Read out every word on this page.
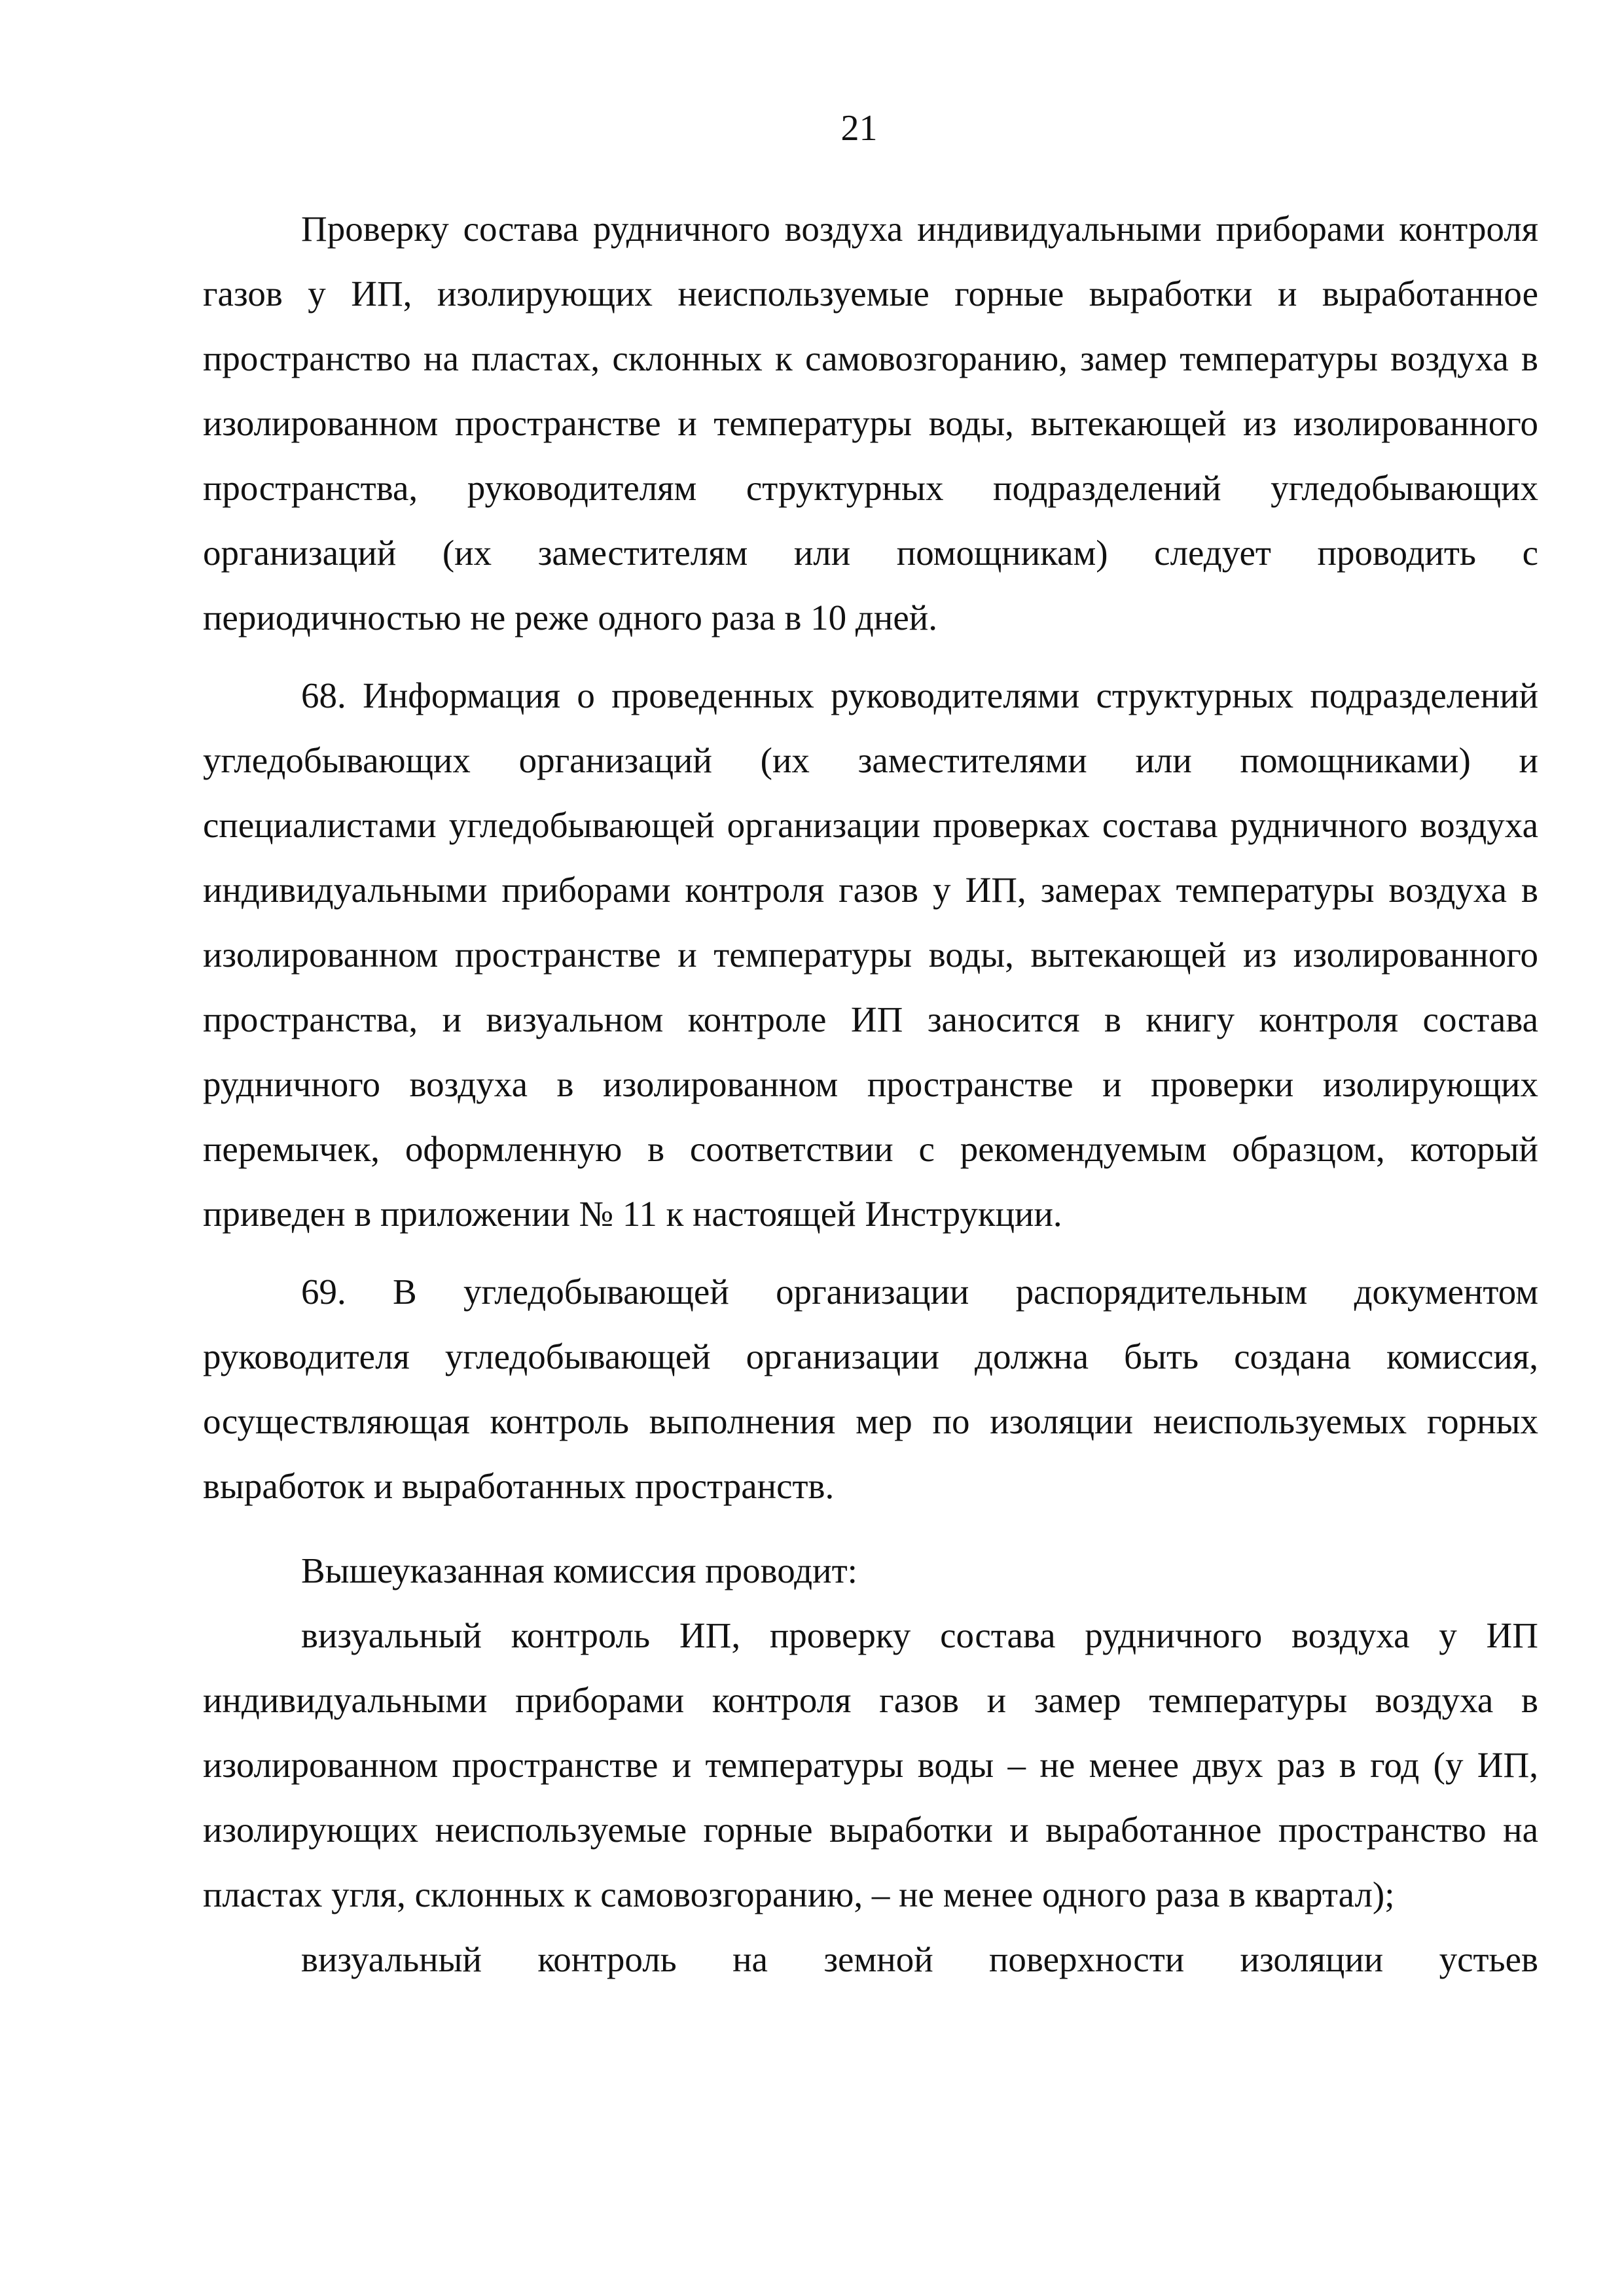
21

Проверку состава рудничного воздуха индивидуальными приборами контроля газов у ИП, изолирующих неиспользуемые горные выработки и выработанное пространство на пластах, склонных к самовозгоранию, замер температуры воздуха в изолированном пространстве и температуры воды, вытекающей из изолированного пространства, руководителям структурных подразделений угледобывающих организаций (их заместителям или помощникам) следует проводить с периодичностью не реже одного раза в 10 дней.

68. Информация о проведенных руководителями структурных подразделений угледобывающих организаций (их заместителями или помощниками) и специалистами угледобывающей организации проверках состава рудничного воздуха индивидуальными приборами контроля газов у ИП, замерах температуры воздуха в изолированном пространстве и температуры воды, вытекающей из изолированного пространства, и визуальном контроле ИП заносится в книгу контроля состава рудничного воздуха в изолированном пространстве и проверки изолирующих перемычек, оформленную в соответствии с рекомендуемым образцом, который приведен в приложении № 11 к настоящей Инструкции.

69. В угледобывающей организации распорядительным документом руководителя угледобывающей организации должна быть создана комиссия, осуществляющая контроль выполнения мер по изоляции неиспользуемых горных выработок и выработанных пространств.

Вышеуказанная комиссия проводит:

визуальный контроль ИП, проверку состава рудничного воздуха у ИП индивидуальными приборами контроля газов и замер температуры воздуха в изолированном пространстве и температуры воды – не менее двух раз в год (у ИП, изолирующих неиспользуемые горные выработки и выработанное пространство на пластах угля, склонных к самовозгоранию, – не менее одного раза в квартал);

визуальный контроль на земной поверхности изоляции устьев
